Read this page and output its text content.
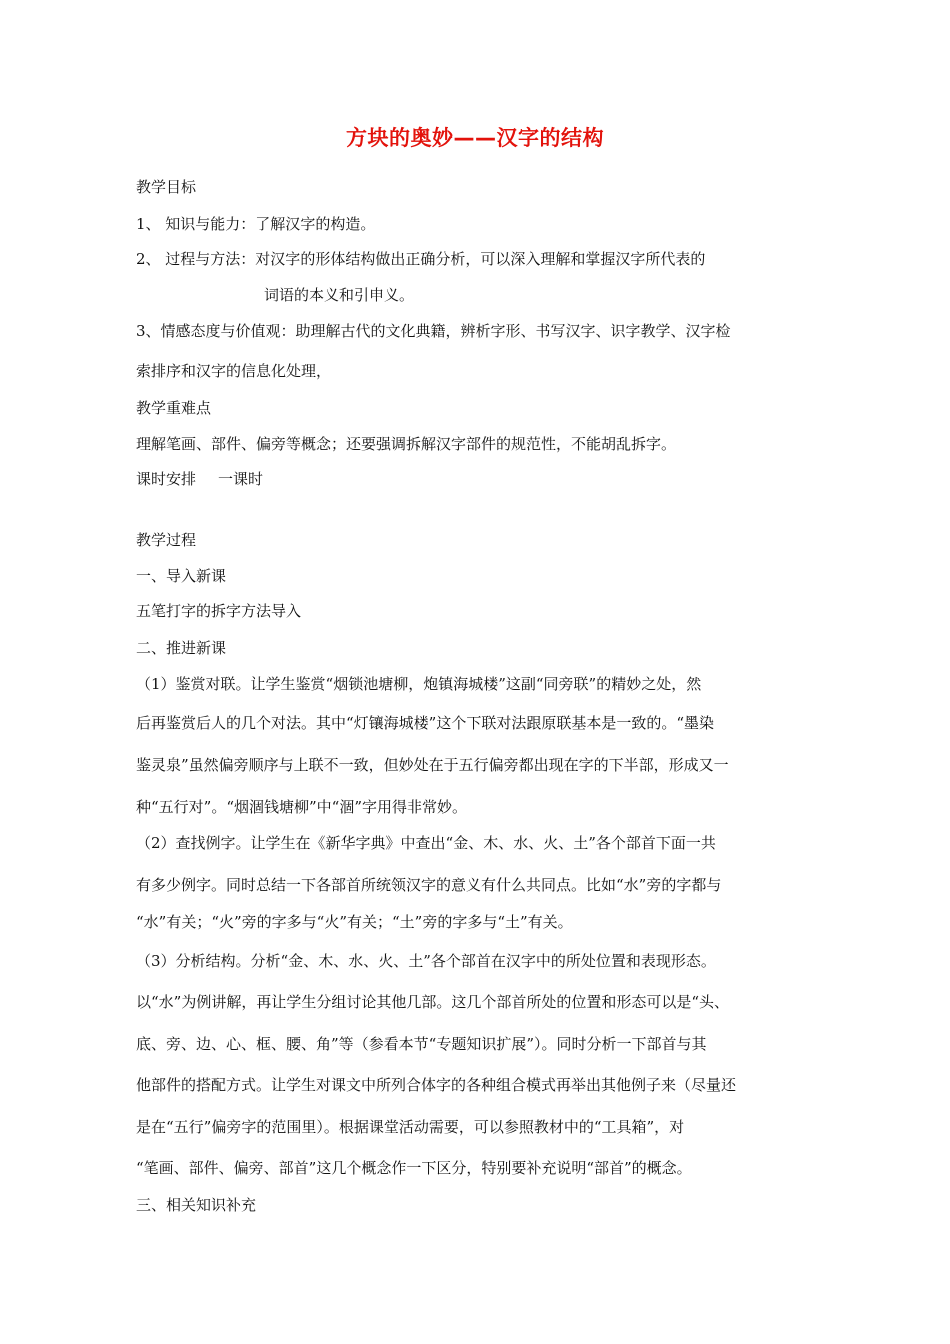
方块的奥妙——汉字的结构
教学目标
1、 知识与能力：了解汉字的构造。
2、 过程与方法：对汉字的形体结构做出正确分析，可以深入理解和掌握汉字所代表的
词语的本义和引申义。
3、情感态度与价值观：助理解古代的文化典籍，辨析字形、书写汉字、识字教学、汉字检
索排序和汉字的信息化处理，
教学重难点
理解笔画、部件、偏旁等概念；还要强调拆解汉字部件的规范性，不能胡乱拆字。
课时安排 一课时
教学过程
一、导入新课
五笔打字的拆字方法导入
二、推进新课
（1）鉴赏对联。让学生鉴赏“烟锁池塘柳，炮镇海城楼”这副“同旁联”的精妙之处，然
后再鉴赏后人的几个对法。其中“灯镶海城楼”这个下联对法跟原联基本是一致的。“墨染
鉴灵泉”虽然偏旁顺序与上联不一致，但妙处在于五行偏旁都出现在字的下半部，形成又一
种“五行对”。“烟涸钱塘柳”中“涸”字用得非常妙。
（2）查找例字。让学生在《新华字典》中查出“金、木、水、火、土”各个部首下面一共
有多少例字。同时总结一下各部首所统领汉字的意义有什么共同点。比如“水”旁的字都与
“水”有关；“火”旁的字多与“火”有关；“土”旁的字多与“土”有关。
（3）分析结构。分析“金、木、水、火、土”各个部首在汉字中的所处位置和表现形态。
以“水”为例讲解，再让学生分组讨论其他几部。这几个部首所处的位置和形态可以是“头、
底、旁、边、心、框、腰、角”等（参看本节“专题知识扩展”）。同时分析一下部首与其
他部件的搭配方式。让学生对课文中所列合体字的各种组合模式再举出其他例子来（尽量还
是在“五行”偏旁字的范围里）。根据课堂活动需要，可以参照教材中的“工具箱”，对
“笔画、部件、偏旁、部首”这几个概念作一下区分，特别要补充说明“部首”的概念。
三、相关知识补充
